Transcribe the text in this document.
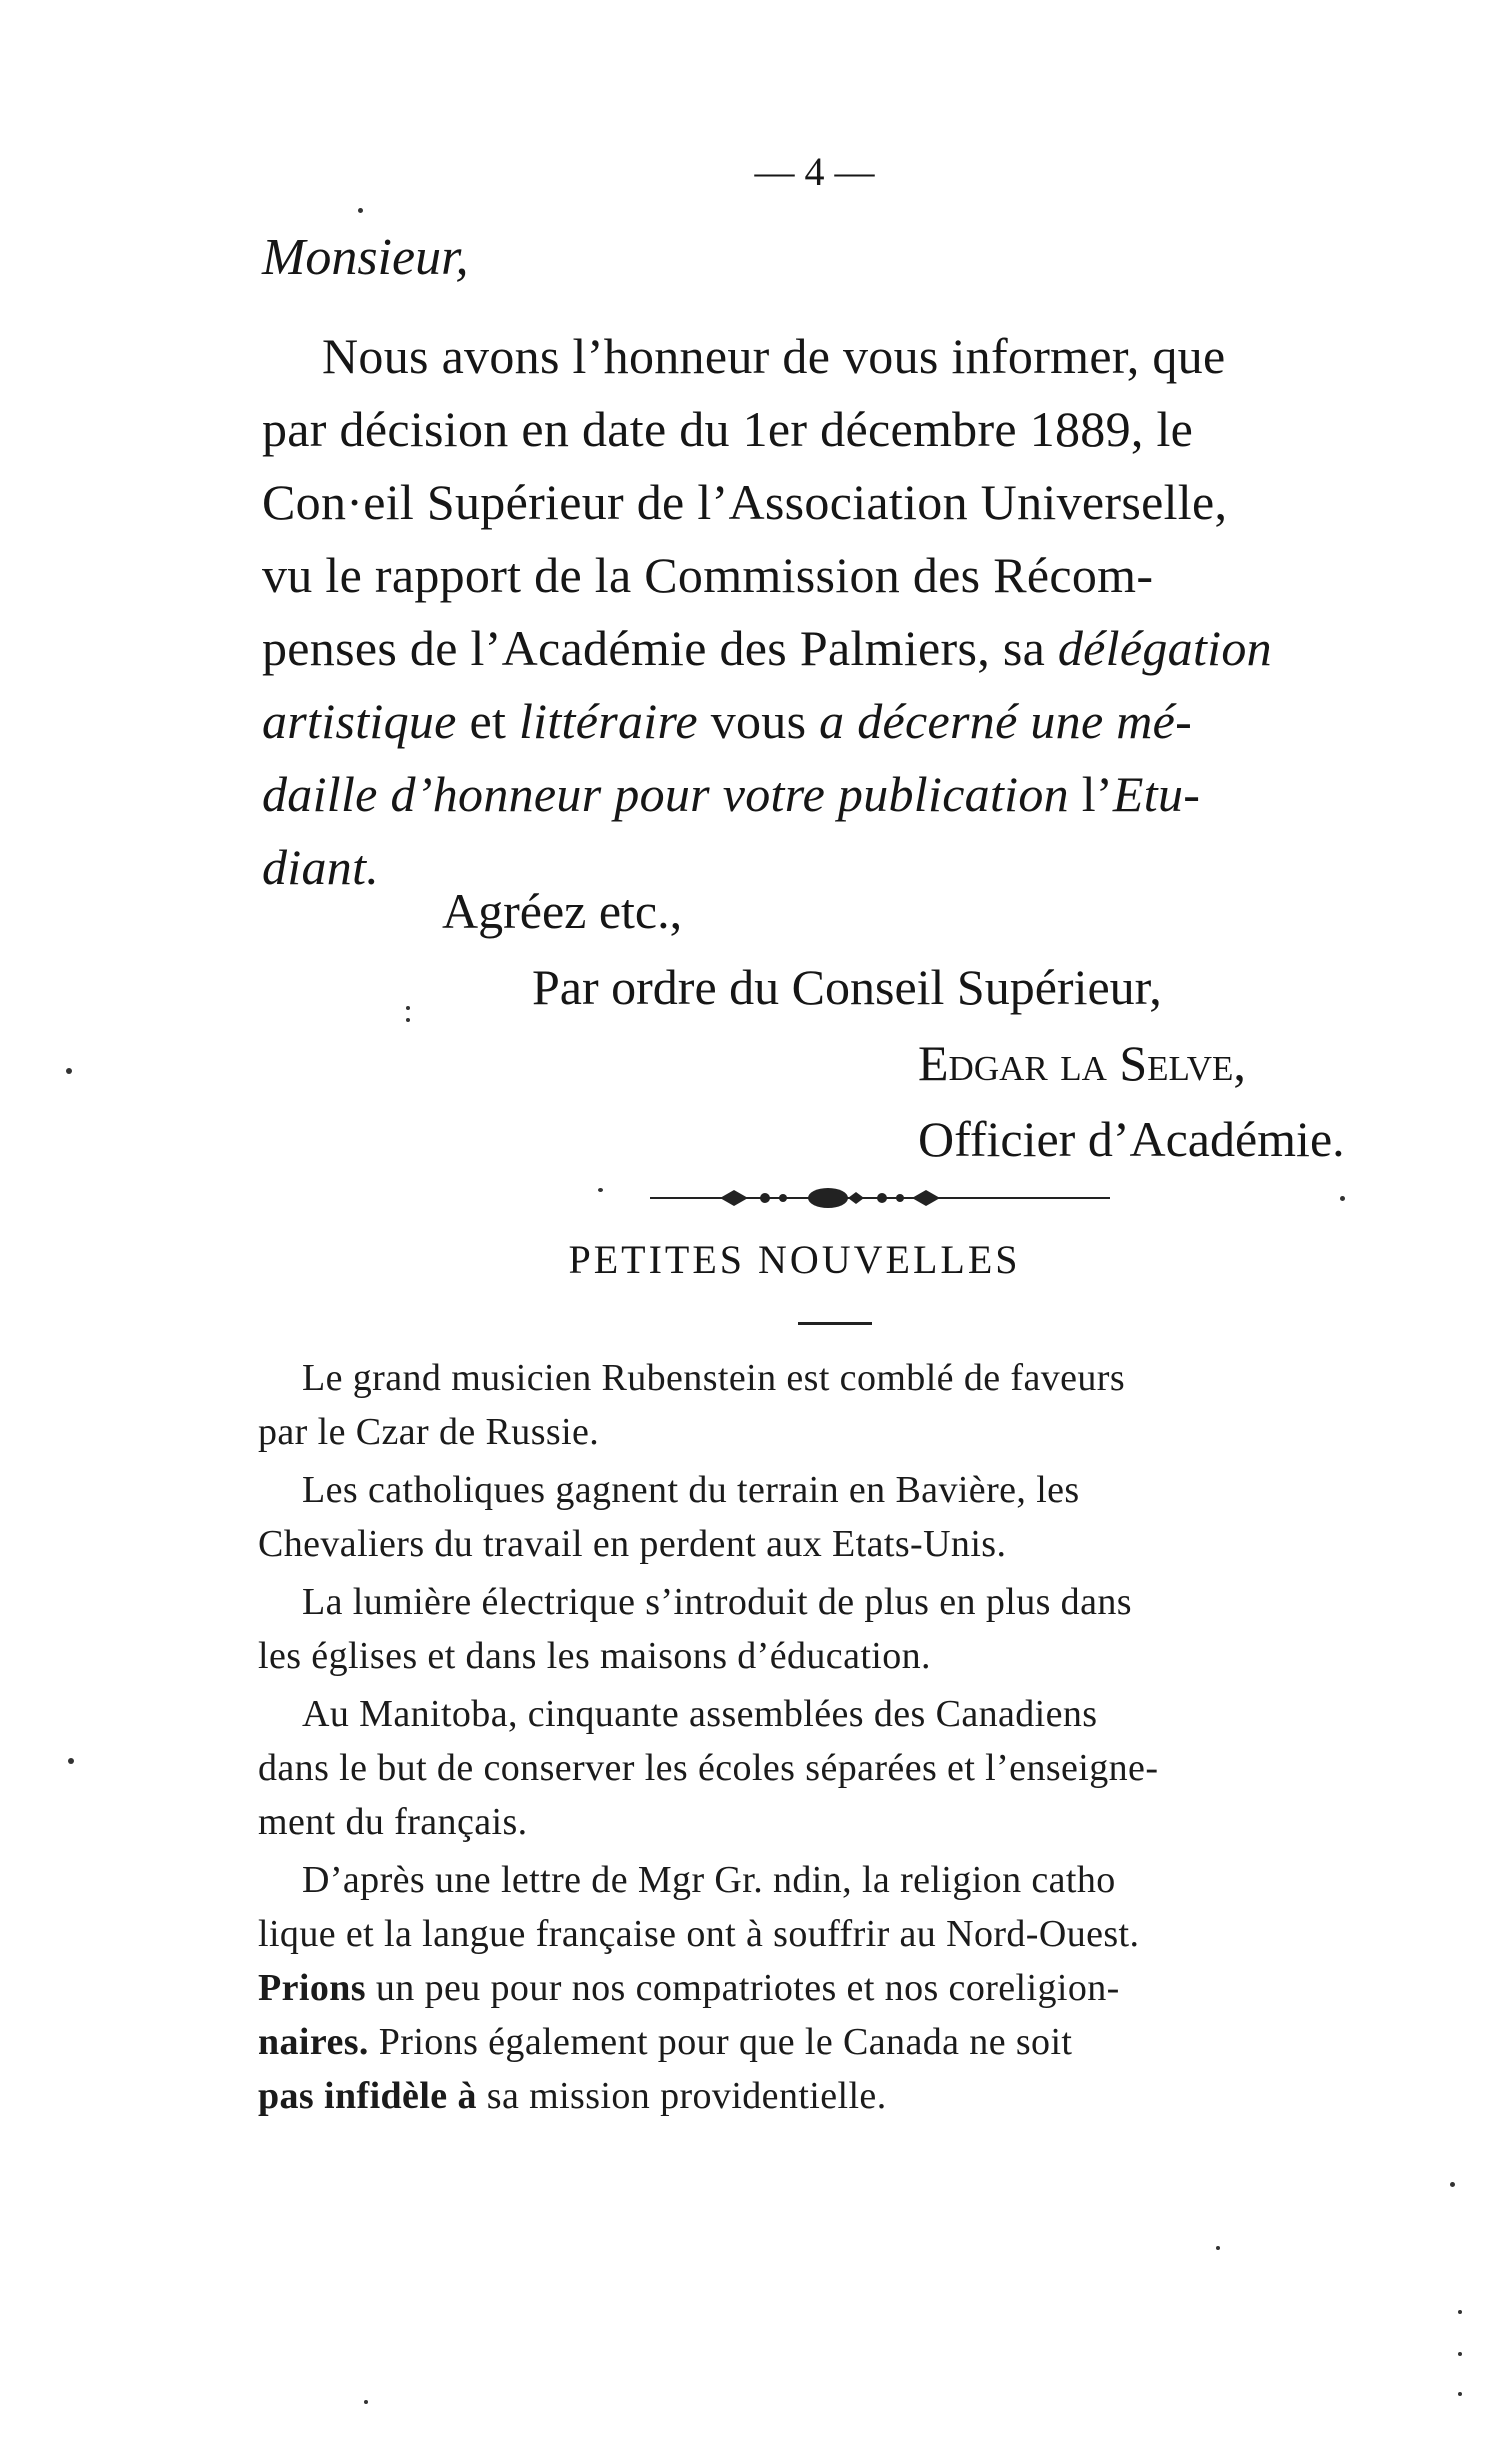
— 4 —
Monsieur,

Nous avons l’honneur de vous informer, que

par décision en date du 1er décembre 1889, le

Con·eil Supérieur de l’Association Universelle,

vu le rapport de la Commission des Récom-

penses de l’Académie des Palmiers, sa délégation

artistique et littéraire vous a décerné une mé-

daille d’honneur pour votre publication l’Etu-

diant.

Agréez etc.,

Par ordre du Conseil Supérieur,

Edgar la Selve,

Officier d’Académie.

PETITES NOUVELLES

Le grand musicien Rubenstein est comblé de faveurs

par le Czar de Russie.

Les catholiques gagnent du terrain en Bavière, les

Chevaliers du travail en perdent aux Etats-Unis.

La lumière électrique s’introduit de plus en plus dans

les églises et dans les maisons d’éducation.

Au Manitoba, cinquante assemblées des Canadiens

dans le but de conserver les écoles séparées et l’enseigne-

ment du français.

D’après une lettre de Mgr Gr. ndin, la religion catho

lique et la langue française ont à souffrir au Nord-Ouest.

Prions un peu pour nos compatriotes et nos coreligion-

naires. Prions également pour que le Canada ne soit

pas infidèle à sa mission providentielle.
